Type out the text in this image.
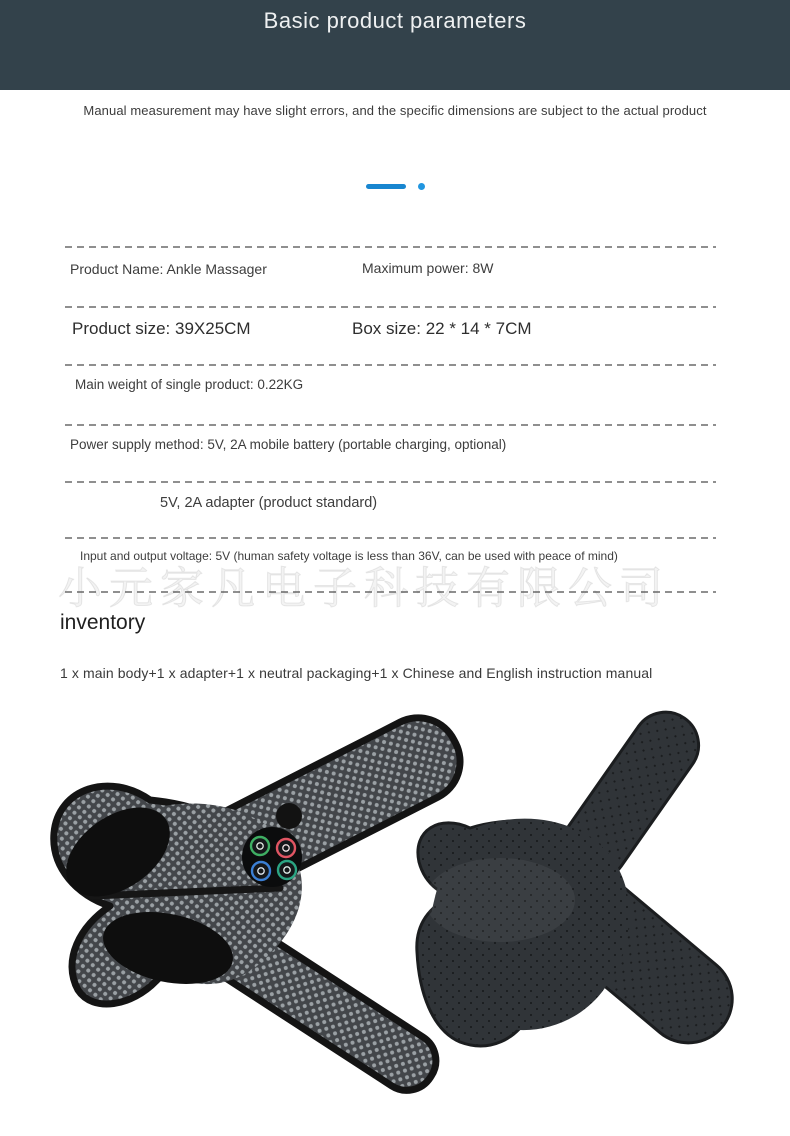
Basic product parameters

Manual measurement may have slight errors, and the specific dimensions are subject to the actual product

Product Name: Ankle Massager	Maximum power: 8W
Product size: 39X25CM	Box size: 22 * 14 * 7CM
Main weight of single product: 0.22KG
Power supply method: 5V, 2A mobile battery (portable charging, optional)
5V, 2A adapter (product standard)
Input and output voltage: 5V (human safety voltage is less than 36V, can be used with peace of mind)
小元家凡电子科技有限公司
inventory

1 x main body+1 x adapter+1 x neutral packaging+1 x Chinese and English instruction manual
